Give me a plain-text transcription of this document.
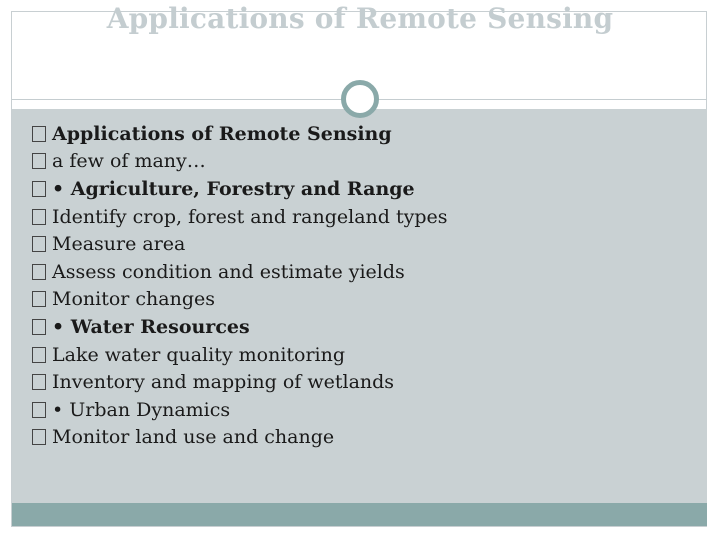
Applications of Remote Sensing
Applications of Remote Sensing
a few of many…
• Agriculture, Forestry and Range
Identify crop, forest and rangeland types
Measure area
Assess condition and estimate yields
Monitor changes
• Water Resources
Lake water quality monitoring
Inventory and mapping of wetlands
• Urban Dynamics
Monitor land use and change
